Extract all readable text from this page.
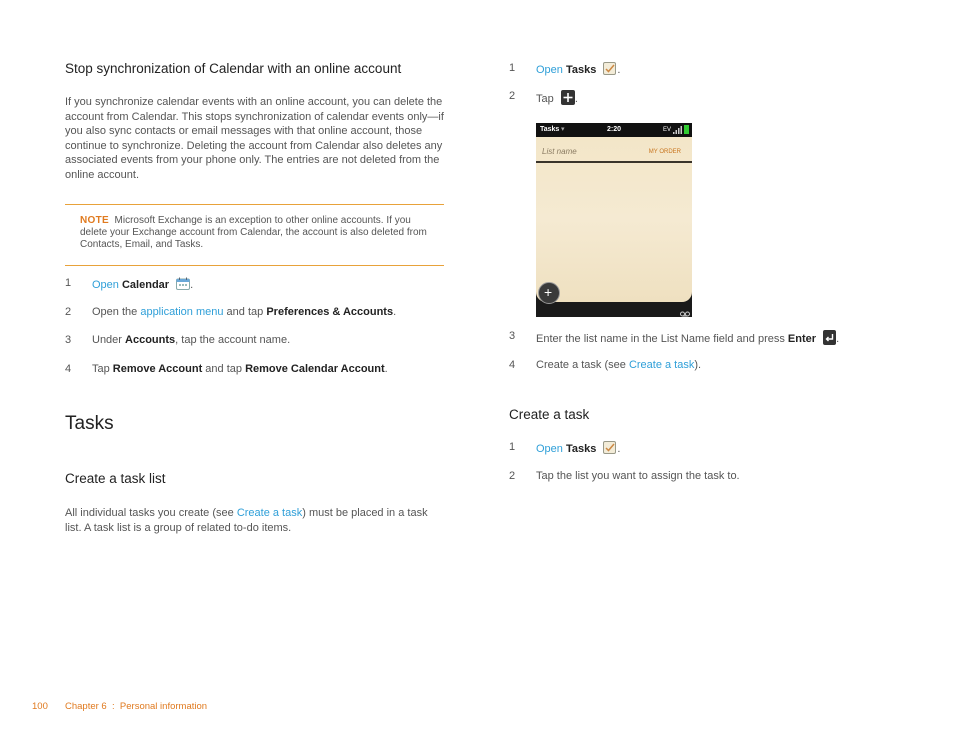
Stop synchronization of Calendar with an online account
If you synchronize calendar events with an online account, you can delete the account from Calendar. This stops synchronization of calendar events only—if you also sync contacts or email messages with that online account, those continue to synchronize. Deleting the account from Calendar also deletes any associated events from your phone only. The entries are not deleted from the online account.
NOTE Microsoft Exchange is an exception to other online accounts. If you delete your Exchange account from Calendar, the account is also deleted from Contacts, Email, and Tasks.
1 Open Calendar .
2 Open the application menu and tap Preferences & Accounts.
3 Under Accounts, tap the account name.
4 Tap Remove Account and tap Remove Calendar Account.
Tasks
Create a task list
All individual tasks you create (see Create a task) must be placed in a task
list. A task list is a group of related to-do items.
1 Open Tasks .
2 Tap .
Tasks ▾	2:20	EV
List name	MY ORDER
+
3 Enter the list name in the List Name field and press Enter .
4 Create a task (see Create a task).
Create a task
1 Open Tasks .
2 Tap the list you want to assign the task to.
100 Chapter 6  :  Personal information
